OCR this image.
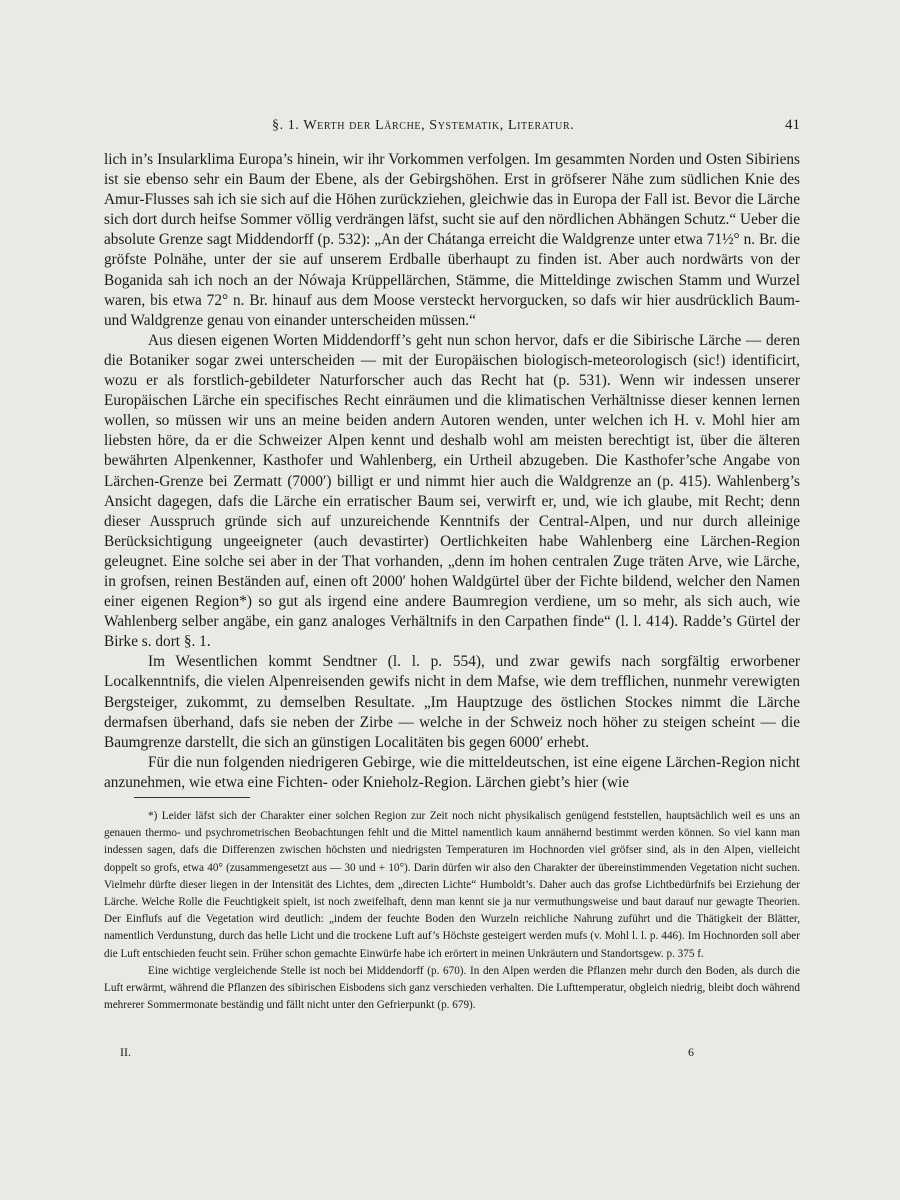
§. 1. Werth der Lärche, Systematik, Literatur.	41

lich in’s Insularklima Europa’s hinein, wir ihr Vorkommen verfolgen. Im gesammten Norden und Osten Sibiriens ist sie ebenso sehr ein Baum der Ebene, als der Gebirgshöhen. Erst in gröfserer Nähe zum südlichen Knie des Amur-Flusses sah ich sie sich auf die Höhen zurückziehen, gleichwie das in Europa der Fall ist. Bevor die Lärche sich dort durch heifse Sommer völlig verdrängen läfst, sucht sie auf den nördlichen Abhängen Schutz.“ Ueber die absolute Grenze sagt Middendorff (p. 532): „An der Chátanga erreicht die Waldgrenze unter etwa 71½° n. Br. die gröfste Polnähe, unter der sie auf unserem Erdballe überhaupt zu finden ist. Aber auch nordwärts von der Boganida sah ich noch an der Nówaja Krüppellärchen, Stämme, die Mitteldinge zwischen Stamm und Wurzel waren, bis etwa 72° n. Br. hinauf aus dem Moose versteckt hervorgucken, so dafs wir hier ausdrücklich Baum- und Waldgrenze genau von einander unterscheiden müssen.“

Aus diesen eigenen Worten Middendorff’s geht nun schon hervor, dafs er die Sibirische Lärche — deren die Botaniker sogar zwei unterscheiden — mit der Europäischen biologisch-meteorologisch (sic!) identificirt, wozu er als forstlich-gebildeter Naturforscher auch das Recht hat (p. 531). Wenn wir indessen unserer Europäischen Lärche ein specifisches Recht einräumen und die klimatischen Verhältnisse dieser kennen lernen wollen, so müssen wir uns an meine beiden andern Autoren wenden, unter welchen ich H. v. Mohl hier am liebsten höre, da er die Schweizer Alpen kennt und deshalb wohl am meisten berechtigt ist, über die älteren bewährten Alpenkenner, Kasthofer und Wahlenberg, ein Urtheil abzugeben. Die Kasthofer’sche Angabe von Lärchen-Grenze bei Zermatt (7000′) billigt er und nimmt hier auch die Waldgrenze an (p. 415). Wahlenberg’s Ansicht dagegen, dafs die Lärche ein erratischer Baum sei, verwirft er, und, wie ich glaube, mit Recht; denn dieser Ausspruch gründe sich auf unzureichende Kenntnifs der Central-Alpen, und nur durch alleinige Berücksichtigung ungeeigneter (auch devastirter) Oertlichkeiten habe Wahlenberg eine Lärchen-Region geleugnet. Eine solche sei aber in der That vorhanden, „denn im hohen centralen Zuge träten Arve, wie Lärche, in grofsen, reinen Beständen auf, einen oft 2000′ hohen Waldgürtel über der Fichte bildend, welcher den Namen einer eigenen Region*) so gut als irgend eine andere Baumregion verdiene, um so mehr, als sich auch, wie Wahlenberg selber angäbe, ein ganz analoges Verhältnifs in den Carpathen finde“ (l. l. 414). Radde’s Gürtel der Birke s. dort §. 1.

Im Wesentlichen kommt Sendtner (l. l. p. 554), und zwar gewifs nach sorgfältig erworbener Localkenntnifs, die vielen Alpenreisenden gewifs nicht in dem Mafse, wie dem trefflichen, nunmehr verewigten Bergsteiger, zukommt, zu demselben Resultate. „Im Hauptzuge des östlichen Stockes nimmt die Lärche dermafsen überhand, dafs sie neben der Zirbe — welche in der Schweiz noch höher zu steigen scheint — die Baumgrenze darstellt, die sich an günstigen Localitäten bis gegen 6000′ erhebt.

Für die nun folgenden niedrigeren Gebirge, wie die mitteldeutschen, ist eine eigene Lärchen-Region nicht anzunehmen, wie etwa eine Fichten- oder Knieholz-Region. Lärchen giebt’s hier (wie

*) Leider läfst sich der Charakter einer solchen Region zur Zeit noch nicht physikalisch genügend feststellen, hauptsächlich weil es uns an genauen thermo- und psychrometrischen Beobachtungen fehlt und die Mittel namentlich kaum annähernd bestimmt werden können. So viel kann man indessen sagen, dafs die Differenzen zwischen höchsten und niedrigsten Temperaturen im Hochnorden viel gröfser sind, als in den Alpen, vielleicht doppelt so grofs, etwa 40° (zusammengesetzt aus — 30 und + 10°). Darin dürfen wir also den Charakter der übereinstimmenden Vegetation nicht suchen. Vielmehr dürfte dieser liegen in der Intensität des Lichtes, dem „directen Lichte“ Humboldt’s. Daher auch das grofse Lichtbedürfnifs bei Erziehung der Lärche. Welche Rolle die Feuchtigkeit spielt, ist noch zweifelhaft, denn man kennt sie ja nur vermuthungsweise und baut darauf nur gewagte Theorien. Der Einflufs auf die Vegetation wird deutlich: „indem der feuchte Boden den Wurzeln reichliche Nahrung zuführt und die Thätigkeit der Blätter, namentlich Verdunstung, durch das helle Licht und die trockene Luft auf’s Höchste gesteigert werden mufs (v. Mohl l. l. p. 446). Im Hochnorden soll aber die Luft entschieden feucht sein. Früher schon gemachte Einwürfe habe ich erörtert in meinen Unkräutern und Standortsgew. p. 375 f.

Eine wichtige vergleichende Stelle ist noch bei Middendorff (p. 670). In den Alpen werden die Pflanzen mehr durch den Boden, als durch die Luft erwärmt, während die Pflanzen des sibirischen Eisbodens sich ganz verschieden verhalten. Die Lufttemperatur, obgleich niedrig, bleibt doch während mehrerer Sommermonate beständig und fällt nicht unter den Gefrierpunkt (p. 679).

II.	6
